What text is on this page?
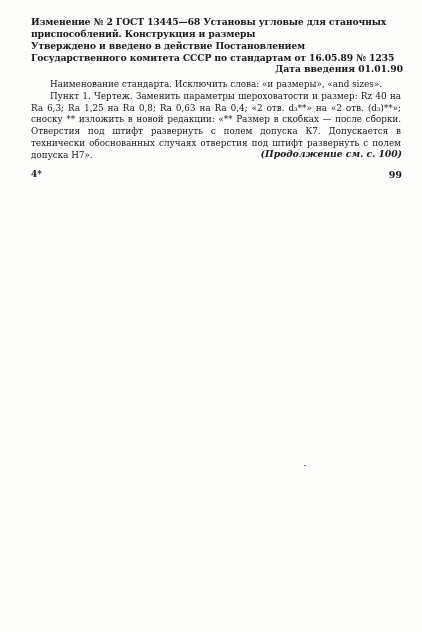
Изменение № 2 ГОСТ 13445—68 Установы угловые для станочных приспособлений. Конструкция и размеры
Утверждено и введено в действие Постановлением Государственного комитета СССР по стандартам от 16.05.89 № 1235
Дата введения 01.01.90

Наименование стандарта. Исключить слова: «и размеры», «and sizes».

Пункт 1. Чертеж. Заменить параметры шероховатости и размер: Rz 40 на Ra 6,3; Ra 1,25 на Ra 0,8; Ra 0,63 на Ra 0,4; «2 отв. d₃**» на «2 отв. (d₃)**»; сноску ** изложить в новой редакции: «** Размер в скобках — после сборки. Отверстия под штифт развернуть с полем допуска К7. Допускается в технически обоснованных случаях отверстия под штифт развернуть с полем допуска Н7».	(Продолжение см. с. 100)
4*	99
